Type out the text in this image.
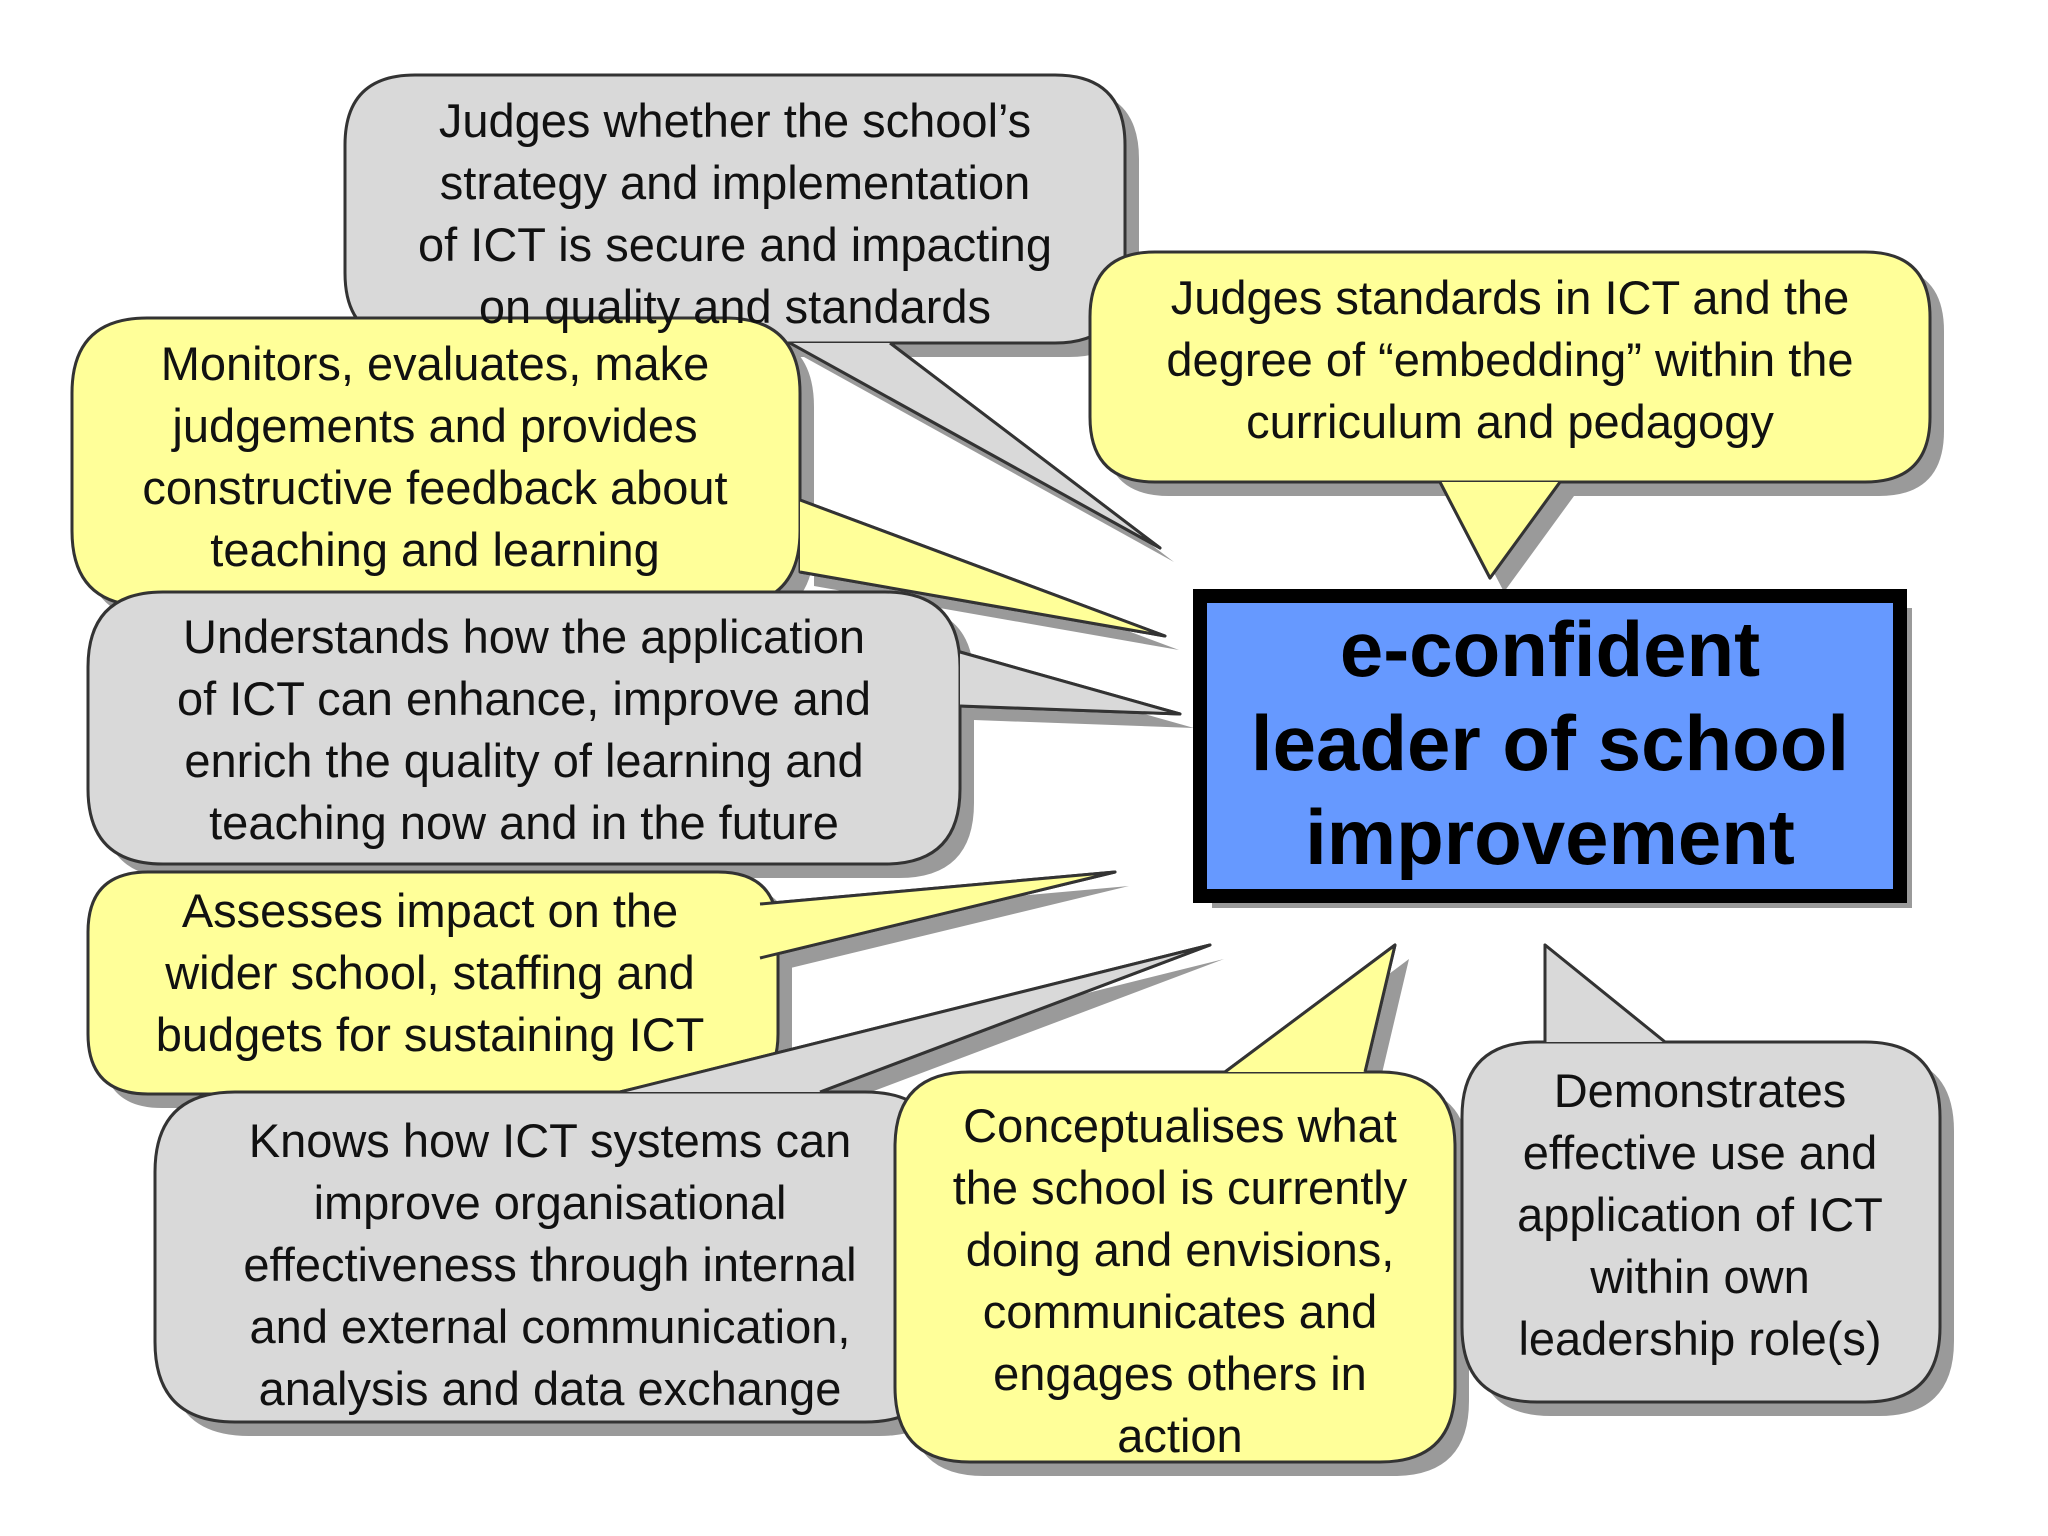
e-confident
leader of school
improvement
Judges whether the school’s
strategy and implementation
of ICT is secure and impacting
on quality and standards	Judges standards in ICT and the
degree of “embedding” within the
curriculum and pedagogy
Monitors, evaluates, make
judgements and provides
constructive feedback about
teaching and learning
Understands how the application
of ICT can enhance, improve and
enrich the quality of learning and
teaching now and in the future
Assesses impact on the
wider school, staffing and
budgets for sustaining ICT
Knows how ICT systems can
improve organisational
effectiveness through internal
and external communication,
analysis and data exchange
Conceptualises what
the school is currently
doing and envisions,
communicates and
engages others in
action
Demonstrates
effective use and
application of ICT
within own
leadership role(s)
